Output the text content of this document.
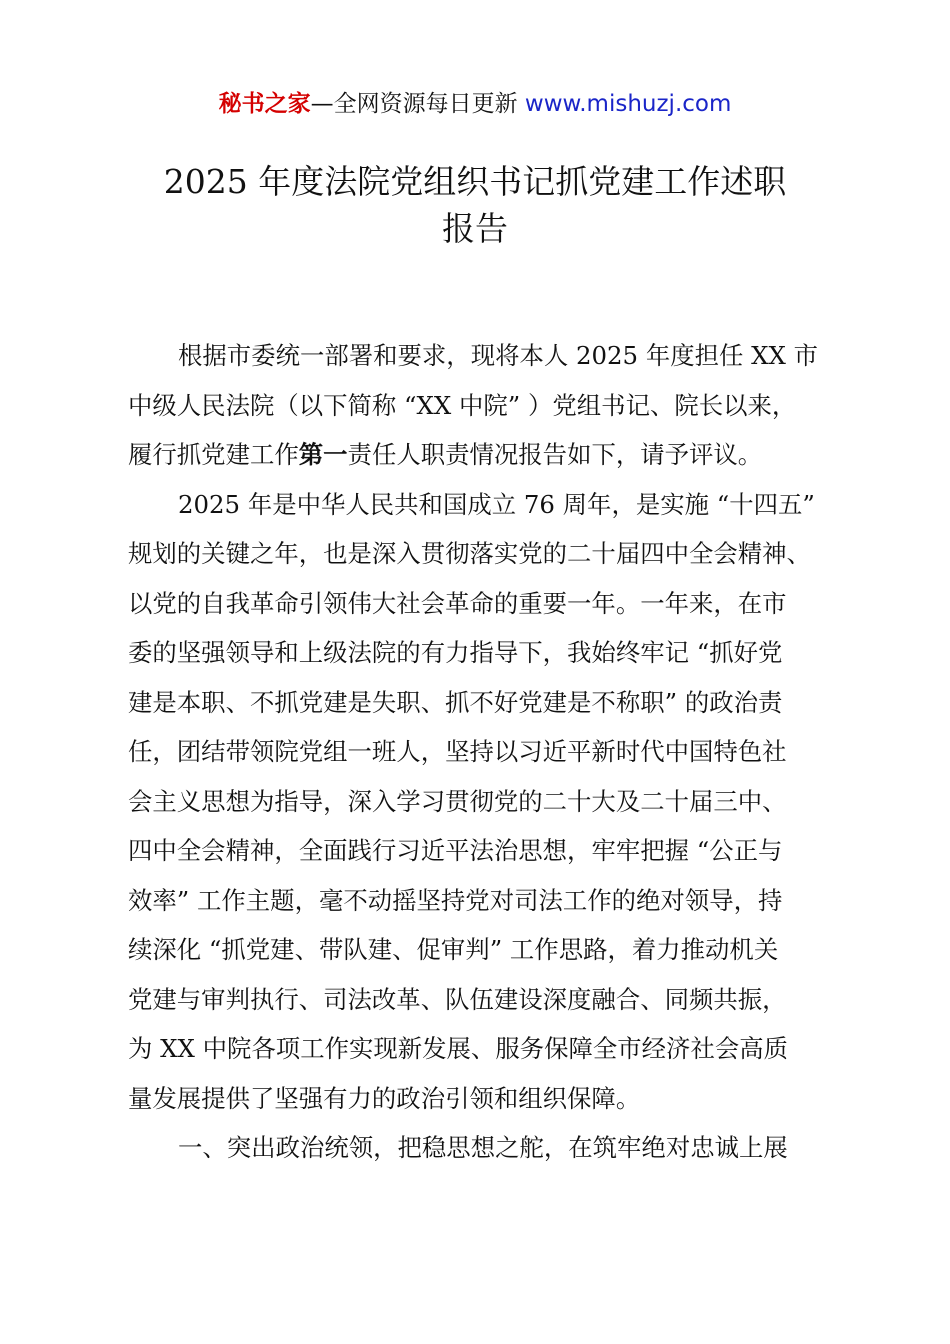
秘书之家—全网资源每日更新 www.mishuzj.com
2025 年度法院党组织书记抓党建工作述职
报告

根据市委统一部署和要求，现将本人 2025 年度担任 XX 市
中级人民法院（以下简称 “XX 中院” ）党组书记、院长以来，
履行抓党建工作第一责任人职责情况报告如下，请予评议。

2025 年是中华人民共和国成立 76 周年，是实施 “十四五”
规划的关键之年，也是深入贯彻落实党的二十届四中全会精神、
以党的自我革命引领伟大社会革命的重要一年。一年来，在市
委的坚强领导和上级法院的有力指导下，我始终牢记 “抓好党
建是本职、不抓党建是失职、抓不好党建是不称职” 的政治责
任，团结带领院党组一班人，坚持以习近平新时代中国特色社
会主义思想为指导，深入学习贯彻党的二十大及二十届三中、
四中全会精神，全面践行习近平法治思想，牢牢把握 “公正与
效率” 工作主题，毫不动摇坚持党对司法工作的绝对领导，持
续深化 “抓党建、带队建、促审判” 工作思路，着力推动机关
党建与审判执行、司法改革、队伍建设深度融合、同频共振，
为 XX 中院各项工作实现新发展、服务保障全市经济社会高质
量发展提供了坚强有力的政治引领和组织保障。

一、突出政治统领，把稳思想之舵，在筑牢绝对忠诚上展
